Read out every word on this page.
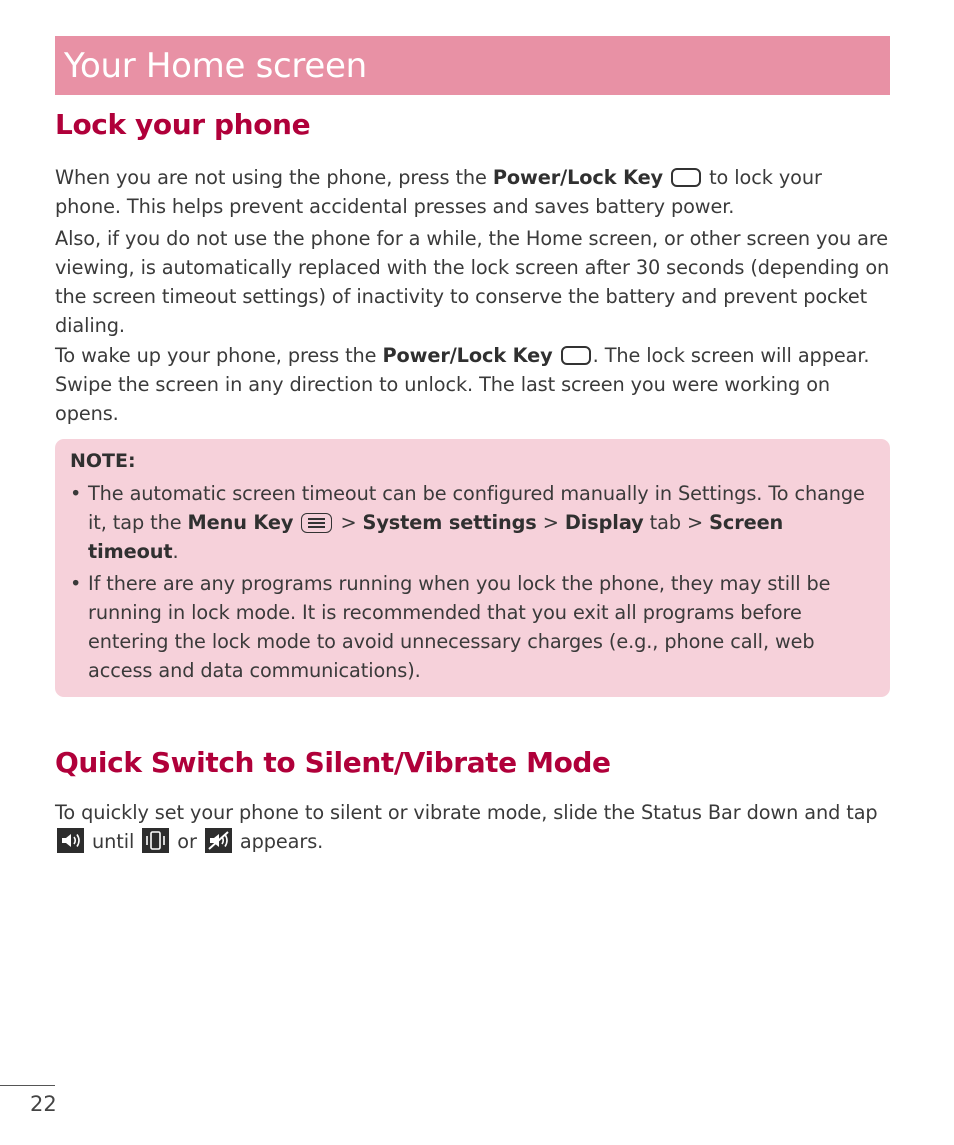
Your Home screen
Lock your phone

When you are not using the phone, press the Power/Lock Key  to lock your phone. This helps prevent accidental presses and saves battery power.

Also, if you do not use the phone for a while, the Home screen, or other screen you are viewing, is automatically replaced with the lock screen after 30 seconds (depending on the screen timeout settings) of inactivity to conserve the battery and prevent pocket dialing.

To wake up your phone, press the Power/Lock Key . The lock screen will appear. Swipe the screen in any direction to unlock. The last screen you were working on opens.

NOTE:
• The automatic screen timeout can be configured manually in Settings. To change it, tap the Menu Key
> System settings > Display tab > Screen timeout.
• If there are any programs running when you lock the phone, they may still be running in lock mode. It is recommended that you exit all programs before entering the lock mode to avoid unnecessary charges (e.g., phone call, web access and data communications).
Quick Switch to Silent/Vibrate Mode

To quickly set your phone to silent or vibrate mode, slide the Status Bar down and tap  until  or  appears.

22
